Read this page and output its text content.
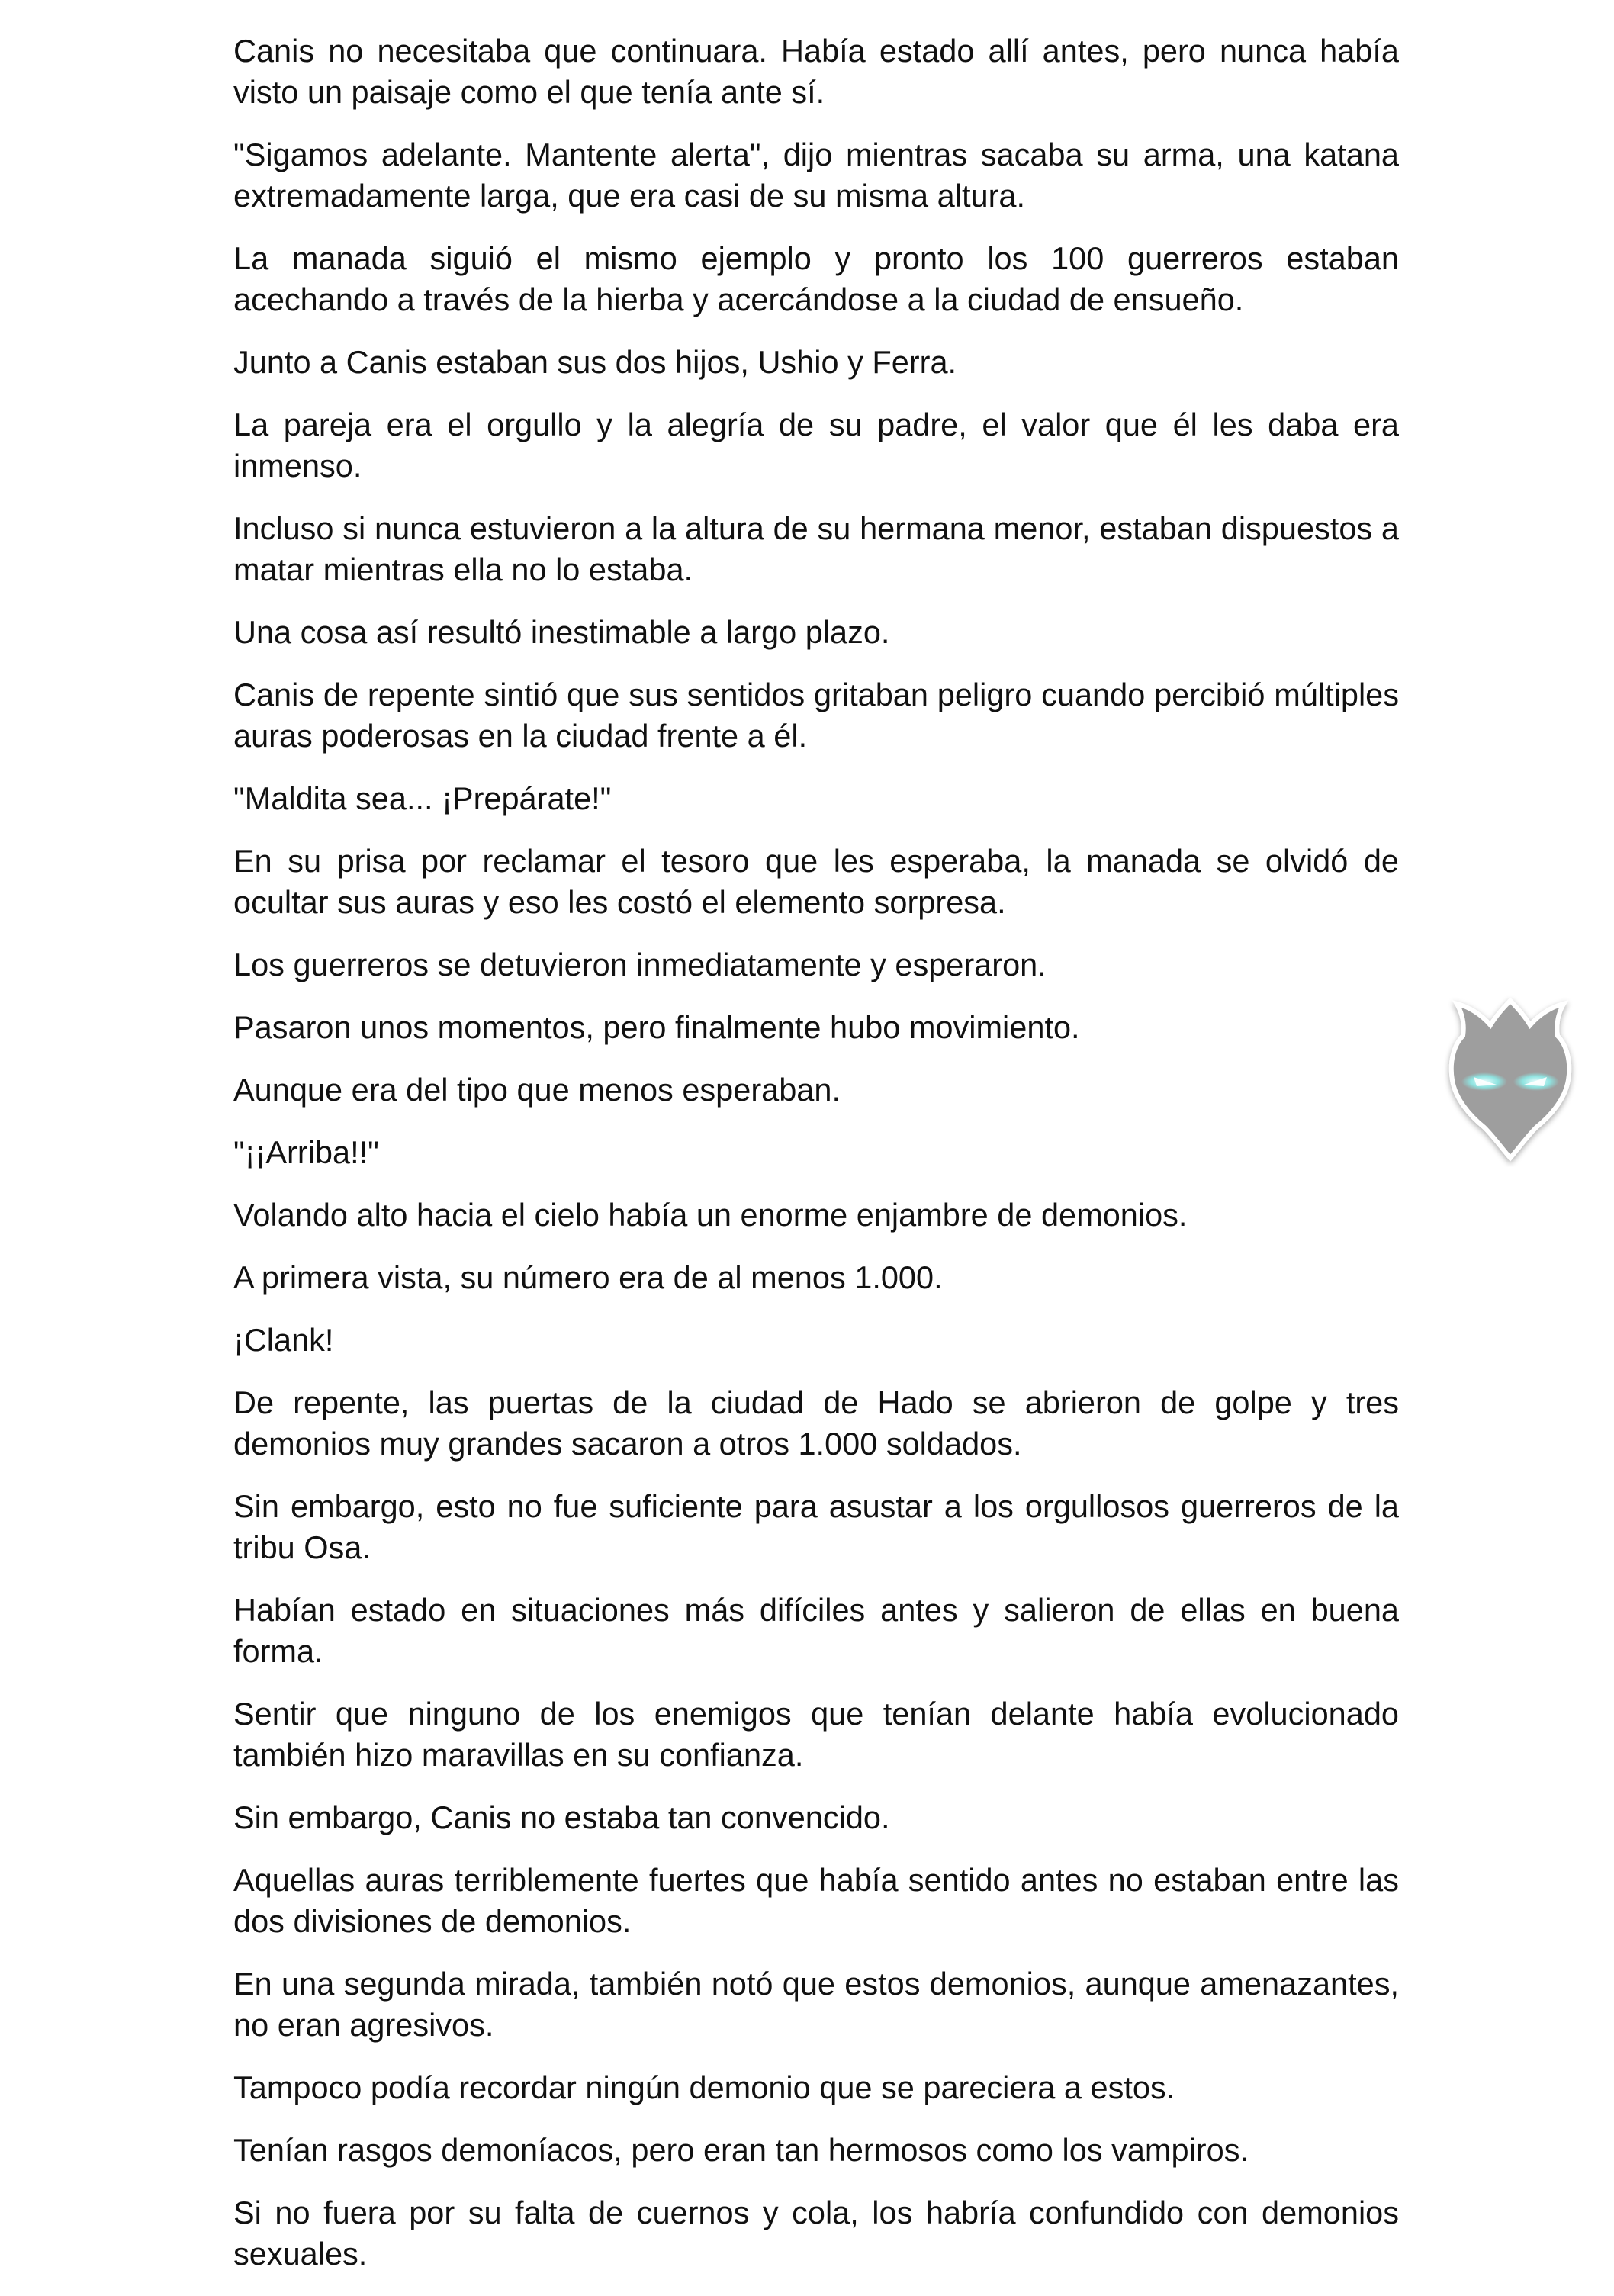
Canis no necesitaba que continuara. Había estado allí antes, pero nunca había visto un paisaje como el que tenía ante sí.

"Sigamos adelante. Mantente alerta", dijo mientras sacaba su arma, una katana extremadamente larga, que era casi de su misma altura.

La manada siguió el mismo ejemplo y pronto los 100 guerreros estaban acechando a través de la hierba y acercándose a la ciudad de ensueño.

Junto a Canis estaban sus dos hijos, Ushio y Ferra.

La pareja era el orgullo y la alegría de su padre, el valor que él les daba era inmenso.

Incluso si nunca estuvieron a la altura de su hermana menor, estaban dispuestos a matar mientras ella no lo estaba.

Una cosa así resultó inestimable a largo plazo.

Canis de repente sintió que sus sentidos gritaban peligro cuando percibió múltiples auras poderosas en la ciudad frente a él.

"Maldita sea... ¡Prepárate!"

En su prisa por reclamar el tesoro que les esperaba, la manada se olvidó de ocultar sus auras y eso les costó el elemento sorpresa.

Los guerreros se detuvieron inmediatamente y esperaron.

Pasaron unos momentos, pero finalmente hubo movimiento.

Aunque era del tipo que menos esperaban.

"¡¡Arriba!!"

Volando alto hacia el cielo había un enorme enjambre de demonios.

A primera vista, su número era de al menos 1.000.

¡Clank!

De repente, las puertas de la ciudad de Hado se abrieron de golpe y tres demonios muy grandes sacaron a otros 1.000 soldados.

Sin embargo, esto no fue suficiente para asustar a los orgullosos guerreros de la tribu Osa.

Habían estado en situaciones más difíciles antes y salieron de ellas en buena forma.

Sentir que ninguno de los enemigos que tenían delante había evolucionado también hizo maravillas en su confianza.

Sin embargo, Canis no estaba tan convencido.

Aquellas auras terriblemente fuertes que había sentido antes no estaban entre las dos divisiones de demonios.

En una segunda mirada, también notó que estos demonios, aunque amenazantes, no eran agresivos.

Tampoco podía recordar ningún demonio que se pareciera a estos.

Tenían rasgos demoníacos, pero eran tan hermosos como los vampiros.

Si no fuera por su falta de cuernos y cola, los habría confundido con demonios sexuales.
